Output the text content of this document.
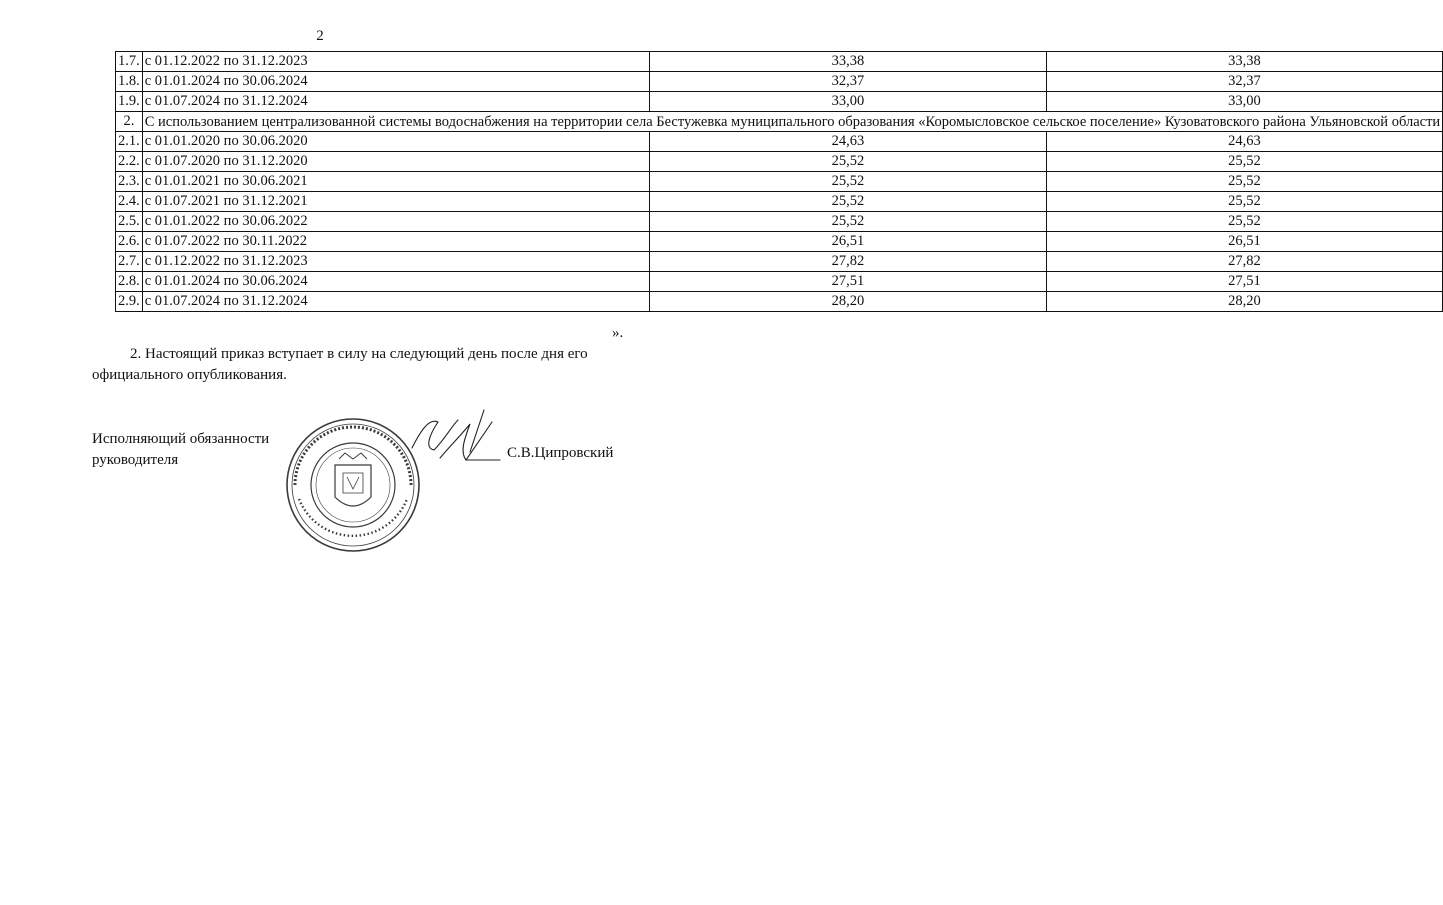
2
1.7.	с 01.12.2022 по 31.12.2023	33,38	33,38
1.8.	с 01.01.2024 по 30.06.2024	32,37	32,37
1.9.	с 01.07.2024 по 31.12.2024	33,00	33,00
2.	С использованием централизованной системы водоснабжения на территории села Бестужевка муниципального образования «Коромысловское сельское поселение» Кузоватовского района Ульяновской области		
2.1.	с 01.01.2020 по 30.06.2020	24,63	24,63
2.2.	с 01.07.2020 по 31.12.2020	25,52	25,52
2.3.	с 01.01.2021 по 30.06.2021	25,52	25,52
2.4.	с 01.07.2021 по 31.12.2021	25,52	25,52
2.5.	с 01.01.2022 по 30.06.2022	25,52	25,52
2.6.	с 01.07.2022 по 30.11.2022	26,51	26,51
2.7.	с 01.12.2022 по 31.12.2023	27,82	27,82
2.8.	с 01.01.2024 по 30.06.2024	27,51	27,51
2.9.	с 01.07.2024 по 31.12.2024	28,20	28,20
».
2. Настоящий приказ вступает в силу на следующий день после дня его
официального опубликования.
Исполняющий обязанности
руководителя	С.В.Ципровский
